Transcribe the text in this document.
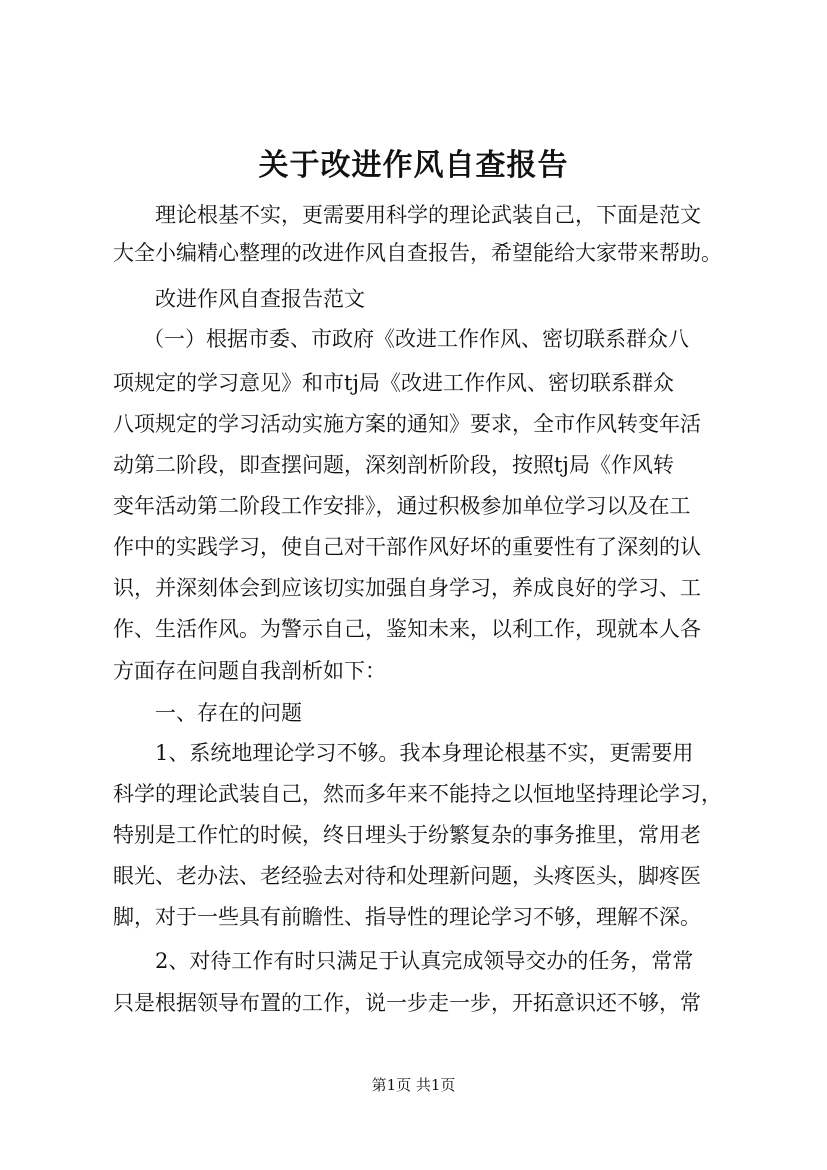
关于改进作风自查报告
理论根基不实，更需要用科学的理论武装自己，下面是范文
大全小编精心整理的改进作风自查报告，希望能给大家带来帮助。
改进作风自查报告范文
（一）根据市委、市政府《改进工作作风、密切联系群众八
项规定的学习意见》和市tj局《改进工作作风、密切联系群众
八项规定的学习活动实施方案的通知》要求，全市作风转变年活
动第二阶段，即查摆问题，深刻剖析阶段，按照tj局《作风转
变年活动第二阶段工作安排》，通过积极参加单位学习以及在工
作中的实践学习，使自己对干部作风好坏的重要性有了深刻的认
识，并深刻体会到应该切实加强自身学习，养成良好的学习、工
作、生活作风。为警示自己，鉴知未来，以利工作，现就本人各
方面存在问题自我剖析如下：
一、存在的问题
1、系统地理论学习不够。我本身理论根基不实，更需要用
科学的理论武装自己，然而多年来不能持之以恒地坚持理论学习，
特别是工作忙的时候，终日埋头于纷繁复杂的事务推里，常用老
眼光、老办法、老经验去对待和处理新问题，头疼医头，脚疼医
脚，对于一些具有前瞻性、指导性的理论学习不够，理解不深。
2、对待工作有时只满足于认真完成领导交办的任务，常常
只是根据领导布置的工作，说一步走一步，开拓意识还不够，常
第1页 共1页
